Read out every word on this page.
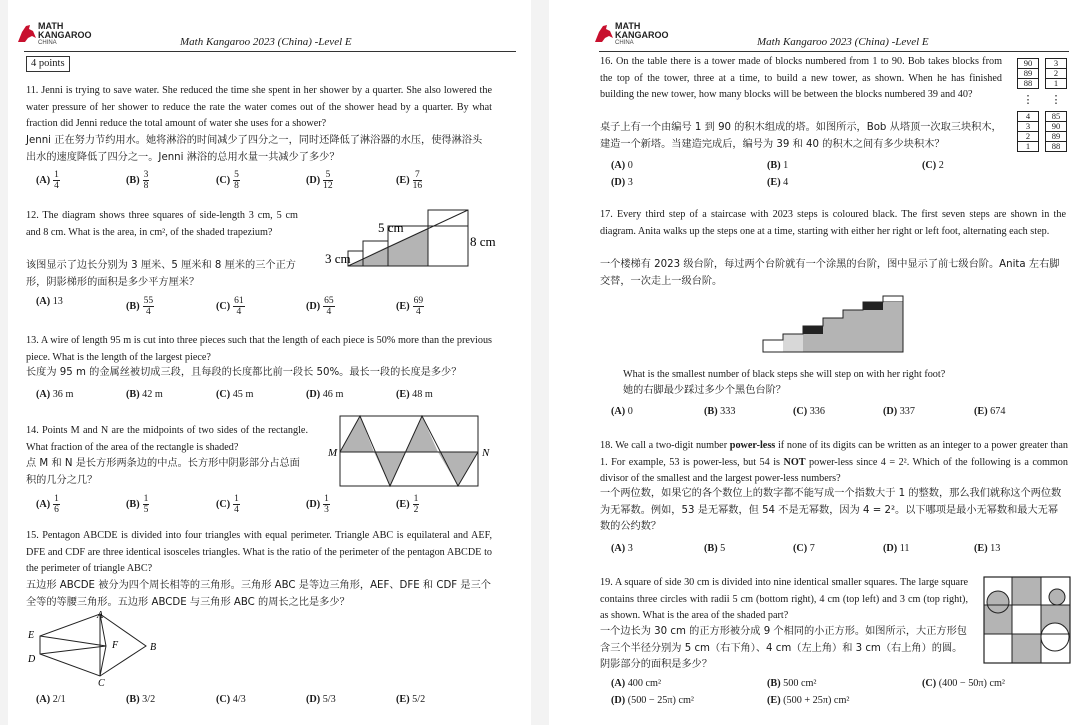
MATH
KANGAROO
CHINA	Math Kangaroo 2023 (China) -Level E
4 points
11. Jenni is trying to save water. She reduced the time she spent in her shower by a quarter. She also lowered the water pressure of her shower to reduce the rate the water comes out of the shower head by a quarter. By what fraction did Jenni reduce the total amount of water she uses for a shower?
Jenni 正在努力节约用水。她将淋浴的时间减少了四分之一，同时还降低了淋浴器的水压，使得淋浴头出水的速度降低了四分之一。Jenni 淋浴的总用水量一共减少了多少？
$(A) \frac{1}{4}$	$(B) \frac{3}{8}$	$(C) \frac{5}{8}$	$(D) \frac{5}{12}$	$(E) \frac{7}{16}$
12. The diagram shows three squares of side-length 3 cm, 5 cm and 8 cm. What is the area, in cm², of the shaded trapezium?
该图显示了边长分别为 3 厘米、5 厘米和 8 厘米的三个正方形，阴影梯形的面积是多少平方厘米？
3 cm
5 cm
8 cm
(A) 13	$(B) \frac{55}{4}$	$(C) \frac{61}{4}$	$(D) \frac{65}{4}$	$(E) \frac{69}{4}$
13. A wire of length 95 m is cut into three pieces such that the length of each piece is 50% more than the previous piece. What is the length of the largest piece?
长度为 95 m 的金属丝被切成三段，且每段的长度都比前一段长 50%。最长一段的长度是多少？
(A) 36 m	(B) 42 m	(C) 45 m	(D) 46 m	(E) 48 m
14. Points M and N are the midpoints of two sides of the rectangle. What fraction of the area of the rectangle is shaded?
点 M 和 N 是长方形两条边的中点。长方形中阴影部分占总面积的几分之几？
M	N
$(A) \frac{1}{6}$	$(B) \frac{1}{5}$	$(C) \frac{1}{4}$	$(D) \frac{1}{3}$	$(E) \frac{1}{2}$
15. Pentagon ABCDE is divided into four triangles with equal perimeter. Triangle ABC is equilateral and AEF, DFE and CDF are three identical isosceles triangles. What is the ratio of the perimeter of the pentagon ABCDE to the perimeter of triangle ABC?
五边形 ABCDE 被分为四个周长相等的三角形。三角形 ABC 是等边三角形，AEF、DFE 和 CDF 是三个全等的等腰三角形。五边形 ABCDE 与三角形 ABC 的周长之比是多少？
A
B
C
D
E
F
(A) 2/1	(B) 3/2	(C) 4/3	(D) 5/3	(E) 5/2
MATH
KANGAROO
CHINA	Math Kangaroo 2023 (China) -Level E
16. On the table there is a tower made of blocks numbered from 1 to 90. Bob takes blocks from the top of the tower, three at a time, to build a new tower, as shown. When he has finished building the new tower, how many blocks will be between the blocks numbered 39 and 40?
桌子上有一个由编号 1 到 90 的积木组成的塔。如图所示，Bob 从塔顶一次取三块积木，建造一个新塔。当建造完成后，编号为 39 和 40 的积木之间有多少块积木？
90
89
88
⋮
4
3
2
1
3
2
1
⋮
85
90
89
88
(A) 0	(B) 1	(C) 2
(D) 3	(E) 4
17. Every third step of a staircase with 2023 steps is coloured black. The first seven steps are shown in the diagram. Anita walks up the steps one at a time, starting with either her right or left foot, alternating each step.
一个楼梯有 2023 级台阶，每过两个台阶就有一个涂黑的台阶，图中显示了前七级台阶。Anita 左右脚交替，一次走上一级台阶。
What is the smallest number of black steps she will step on with her right foot?
她的右脚最少踩过多少个黑色台阶？
(A) 0	(B) 333	(C) 336	(D) 337	(E) 674
18. We call a two-digit number power-less if none of its digits can be written as an integer to a power greater than 1. For example, 53 is power-less, but 54 is NOT power-less since 4 = 2². Which of the following is a common divisor of the smallest and the largest power-less numbers?
一个两位数，如果它的各个数位上的数字都不能写成一个指数大于 1 的整数，那么我们就称这个两位数为无幂数。例如，53 是无幂数，但 54 不是无幂数，因为 4 = 2²。以下哪项是最小无幂数和最大无幂数的公约数？
(A) 3	(B) 5	(C) 7	(D) 11	(E) 13
19. A square of side 30 cm is divided into nine identical smaller squares. The large square contains three circles with radii 5 cm (bottom right), 4 cm (top left) and 3 cm (top right), as shown. What is the area of the shaded part?
一个边长为 30 cm 的正方形被分成 9 个相同的小正方形。如图所示，大正方形包含三个半径分别为 5 cm（右下角）、4 cm（左上角）和 3 cm（右上角）的圆。阴影部分的面积是多少？
(A) 400 cm²	(B) 500 cm²	(C) (400 − 50π) cm²
(D) (500 − 25π) cm²	(E) (500 + 25π) cm²
